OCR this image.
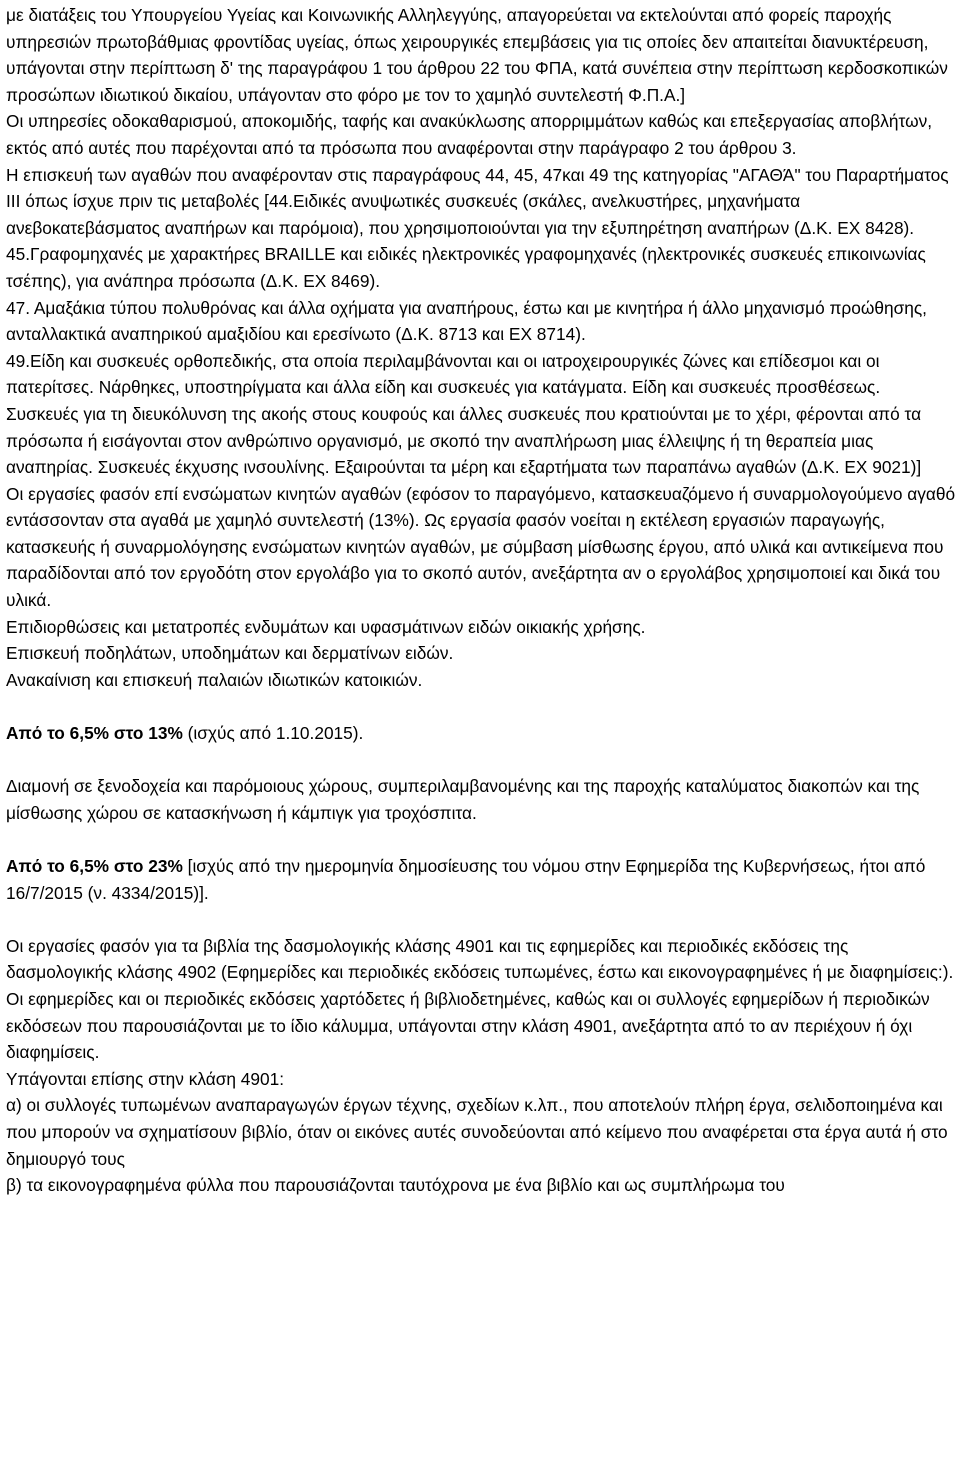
με διατάξεις του Υπουργείου Υγείας και Κοινωνικής Αλληλεγγύης, απαγορεύεται να εκτελούνται από φορείς παροχής υπηρεσιών πρωτοβάθμιας φροντίδας υγείας, όπως χειρουργικές επεμβάσεις για τις οποίες δεν απαιτείται διανυκτέρευση, υπάγονται στην περίπτωση δ' της παραγράφου 1 του άρθρου 22 του ΦΠΑ, κατά συνέπεια στην περίπτωση κερδοσκοπικών προσώπων ιδιωτικού δικαίου, υπάγονταν στο φόρο με τον το χαμηλό συντελεστή Φ.Π.Α.]

Οι υπηρεσίες οδοκαθαρισμού, αποκομιδής, ταφής και ανακύκλωσης απορριμμάτων καθώς και επεξεργασίας αποβλήτων, εκτός από αυτές που παρέχονται από τα πρόσωπα που αναφέρονται στην παράγραφο 2 του άρθρου 3.

Η επισκευή των αγαθών που αναφέρονταν στις παραγράφους 44, 45, 47και 49 της κατηγορίας "ΑΓΑΘΆ" του Παραρτήματος ΙΙΙ όπως ίσχυε πριν τις μεταβολές [44.Ειδικές ανυψωτικές συσκευές (σκάλες, ανελκυστήρες, μηχανήματα ανεβοκατεβάσματος αναπήρων και παρόμοια), που χρησιμοποιούνται για την εξυπηρέτηση αναπήρων (Δ.Κ. ΕΧ 8428).

45.Γραφομηχανές με χαρακτήρες BRAILLE και ειδικές ηλεκτρονικές γραφομηχανές (ηλεκτρονικές συσκευές επικοινωνίας τσέπης), για ανάπηρα πρόσωπα (Δ.Κ. ΕΧ 8469).

47. Αμαξάκια τύπου πολυθρόνας και άλλα οχήματα για αναπήρους, έστω και με κινητήρα ή άλλο μηχανισμό προώθησης, ανταλλακτικά αναπηρικού αμαξιδίου και ερεσίνωτο (Δ.Κ. 8713 και ΕΧ 8714).

49.Είδη και συσκευές ορθοπεδικής, στα οποία περιλαμβάνονται και οι ιατροχειρουργικές ζώνες και επίδεσμοι και οι πατερίτσες. Νάρθηκες, υποστηρίγματα και άλλα είδη και συσκευές για κατάγματα. Είδη και συσκευές προσθέσεως. Συσκευές για τη διευκόλυνση της ακοής στους κουφούς και άλλες συσκευές που κρατιούνται με το χέρι, φέρονται από τα πρόσωπα ή εισάγονται στον ανθρώπινο οργανισμό, με σκοπό την αναπλήρωση μιας έλλειψης ή τη θεραπεία μιας αναπηρίας. Συσκευές έκχυσης ινσουλίνης. Εξαιρούνται τα μέρη και εξαρτήματα των παραπάνω αγαθών (Δ.Κ. ΕΧ 9021)]

Οι εργασίες φασόν επί ενσώματων κινητών αγαθών (εφόσον το παραγόμενο, κατασκευαζόμενο ή συναρμολογούμενο αγαθό εντάσσονταν στα αγαθά με χαμηλό συντελεστή (13%). Ως εργασία φασόν νοείται η εκτέλεση εργασιών παραγωγής, κατασκευής ή συναρμολόγησης ενσώματων κινητών αγαθών, με σύμβαση μίσθωσης έργου, από υλικά και αντικείμενα που παραδίδονται από τον εργοδότη στον εργολάβο για το σκοπό αυτόν, ανεξάρτητα αν ο εργολάβος χρησιμοποιεί και δικά του υλικά.

Επιδιορθώσεις και μετατροπές ενδυμάτων και υφασμάτινων ειδών οικιακής χρήσης.

Επισκευή ποδηλάτων, υποδημάτων και δερματίνων ειδών.

Ανακαίνιση και επισκευή παλαιών ιδιωτικών κατοικιών.

Από το 6,5% στο 13% (ισχύς από 1.10.2015).

Διαμονή σε ξενοδοχεία και παρόμοιους χώρους, συμπεριλαμβανομένης και της παροχής καταλύματος διακοπών και της μίσθωσης χώρου σε κατασκήνωση ή κάμπιγκ για τροχόσπιτα.

Από το 6,5% στο 23% [ισχύς από την ημερομηνία δημοσίευσης του νόμου στην Εφημερίδα της Κυβερνήσεως, ήτοι από 16/7/2015 (ν. 4334/2015)].

Οι εργασίες φασόν για τα βιβλία της δασμολογικής κλάσης 4901 και τις εφημερίδες και περιοδικές εκδόσεις της δασμολογικής κλάσης 4902 (Εφημερίδες και περιοδικές εκδόσεις τυπωμένες, έστω και εικονογραφημένες ή με διαφημίσεις:). Οι εφημερίδες και οι περιοδικές εκδόσεις χαρτόδετες ή βιβλιοδετημένες, καθώς και οι συλλογές εφημερίδων ή περιοδικών εκδόσεων που παρουσιάζονται με το ίδιο κάλυμμα, υπάγονται στην κλάση 4901, ανεξάρτητα από το αν περιέχουν ή όχι διαφημίσεις.

Υπάγονται επίσης στην κλάση 4901:

α) οι συλλογές τυπωμένων αναπαραγωγών έργων τέχνης, σχεδίων κ.λπ., που αποτελούν πλήρη έργα, σελιδοποιημένα και που μπορούν να σχηματίσουν βιβλίο, όταν οι εικόνες αυτές συνοδεύονται από κείμενο που αναφέρεται στα έργα αυτά ή στο δημιουργό τους

β) τα εικονογραφημένα φύλλα που παρουσιάζονται ταυτόχρονα με ένα βιβλίο και ως συμπλήρωμα του
